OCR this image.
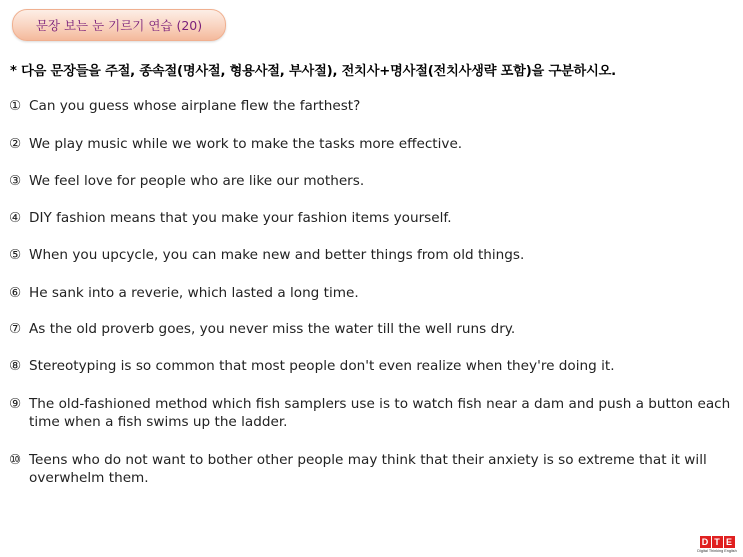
문장 보는 눈 기르기 연습 (20)
* 다음 문장들을 주절, 종속절(명사절, 형용사절, 부사절), 전치사+명사절(전치사생략 포함)을 구분하시오.
① Can you guess whose airplane flew the farthest?
② We play music while we work to make the tasks more effective.
③ We feel love for people who are like our mothers.
④ DIY fashion means that you make your fashion items yourself.
⑤ When you upcycle, you can make new and better things from old things.
⑥ He sank into a reverie, which lasted a long time.
⑦ As the old proverb goes, you never miss the water till the well runs dry.
⑧ Stereotyping is so common that most people don't even realize when they're doing it.
⑨ The old-fashioned method which fish samplers use is to watch fish near a dam and push a button each time when a fish swims up the ladder.
⑩ Teens who do not want to bother other people may think that their anxiety is so extreme that it will overwhelm them.
D T E
Digital Thinking English
